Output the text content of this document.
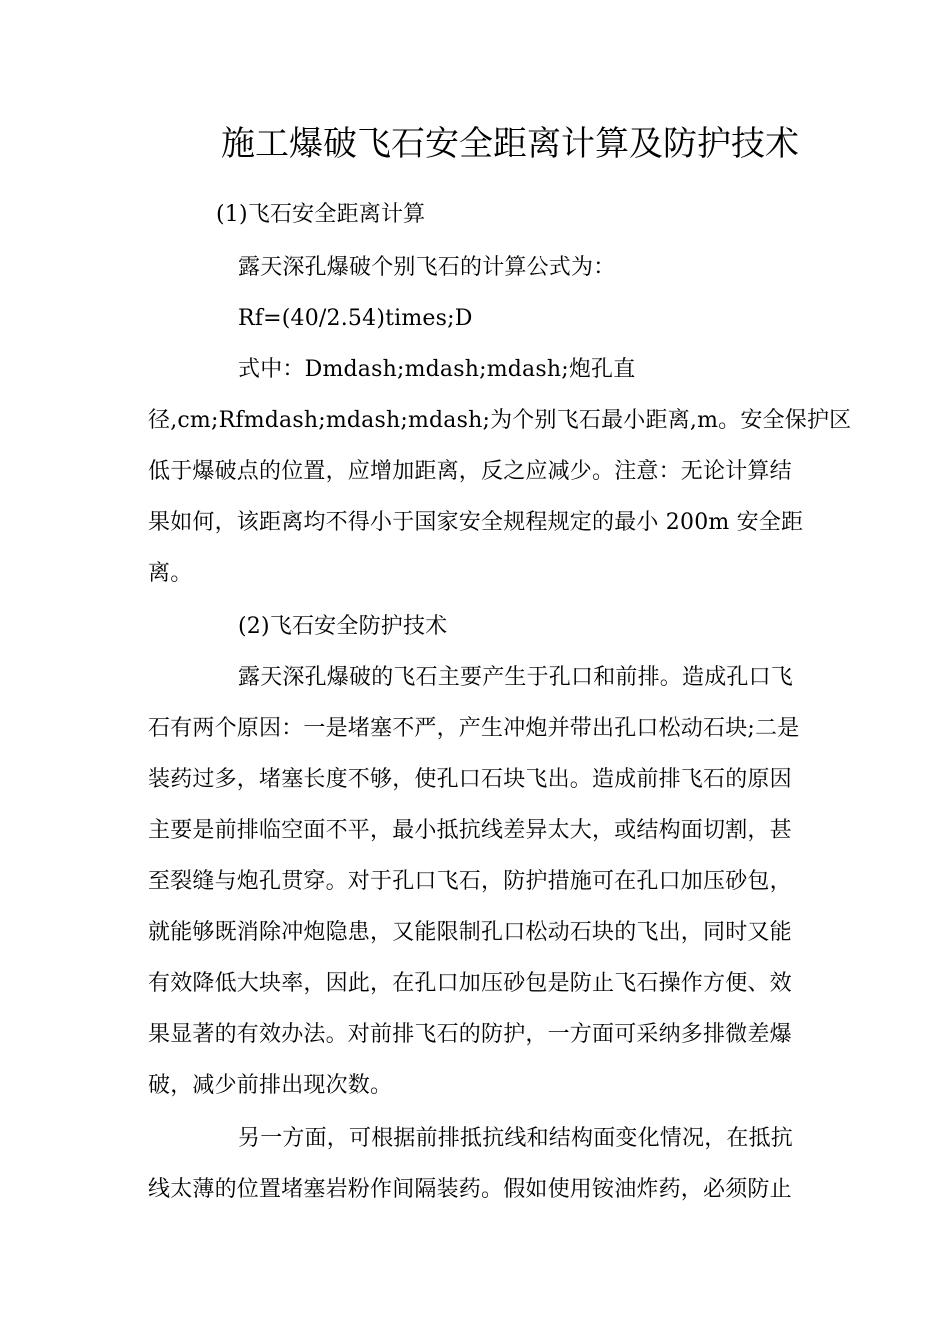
施工爆破飞石安全距离计算及防护技术
(1)飞石安全距离计算
露天深孔爆破个别飞石的计算公式为：
Rf=(40/2.54)times;D
式中：Dmdash;mdash;mdash;炮孔直
径,cm;Rfmdash;mdash;mdash;为个别飞石最小距离,m。安全保护区
低于爆破点的位置，应增加距离，反之应减少。注意：无论计算结
果如何，该距离均不得小于国家安全规程规定的最小 200m 安全距
离。
(2)飞石安全防护技术
露天深孔爆破的飞石主要产生于孔口和前排。造成孔口飞
石有两个原因：一是堵塞不严，产生冲炮并带出孔口松动石块;二是
装药过多，堵塞长度不够，使孔口石块飞出。造成前排飞石的原因
主要是前排临空面不平，最小抵抗线差异太大，或结构面切割，甚
至裂缝与炮孔贯穿。对于孔口飞石，防护措施可在孔口加压砂包，
就能够既消除冲炮隐患，又能限制孔口松动石块的飞出，同时又能
有效降低大块率，因此，在孔口加压砂包是防止飞石操作方便、效
果显著的有效办法。对前排飞石的防护，一方面可采纳多排微差爆
破，减少前排出现次数。
另一方面，可根据前排抵抗线和结构面变化情况，在抵抗
线太薄的位置堵塞岩粉作间隔装药。假如使用铵油炸药，必须防止
